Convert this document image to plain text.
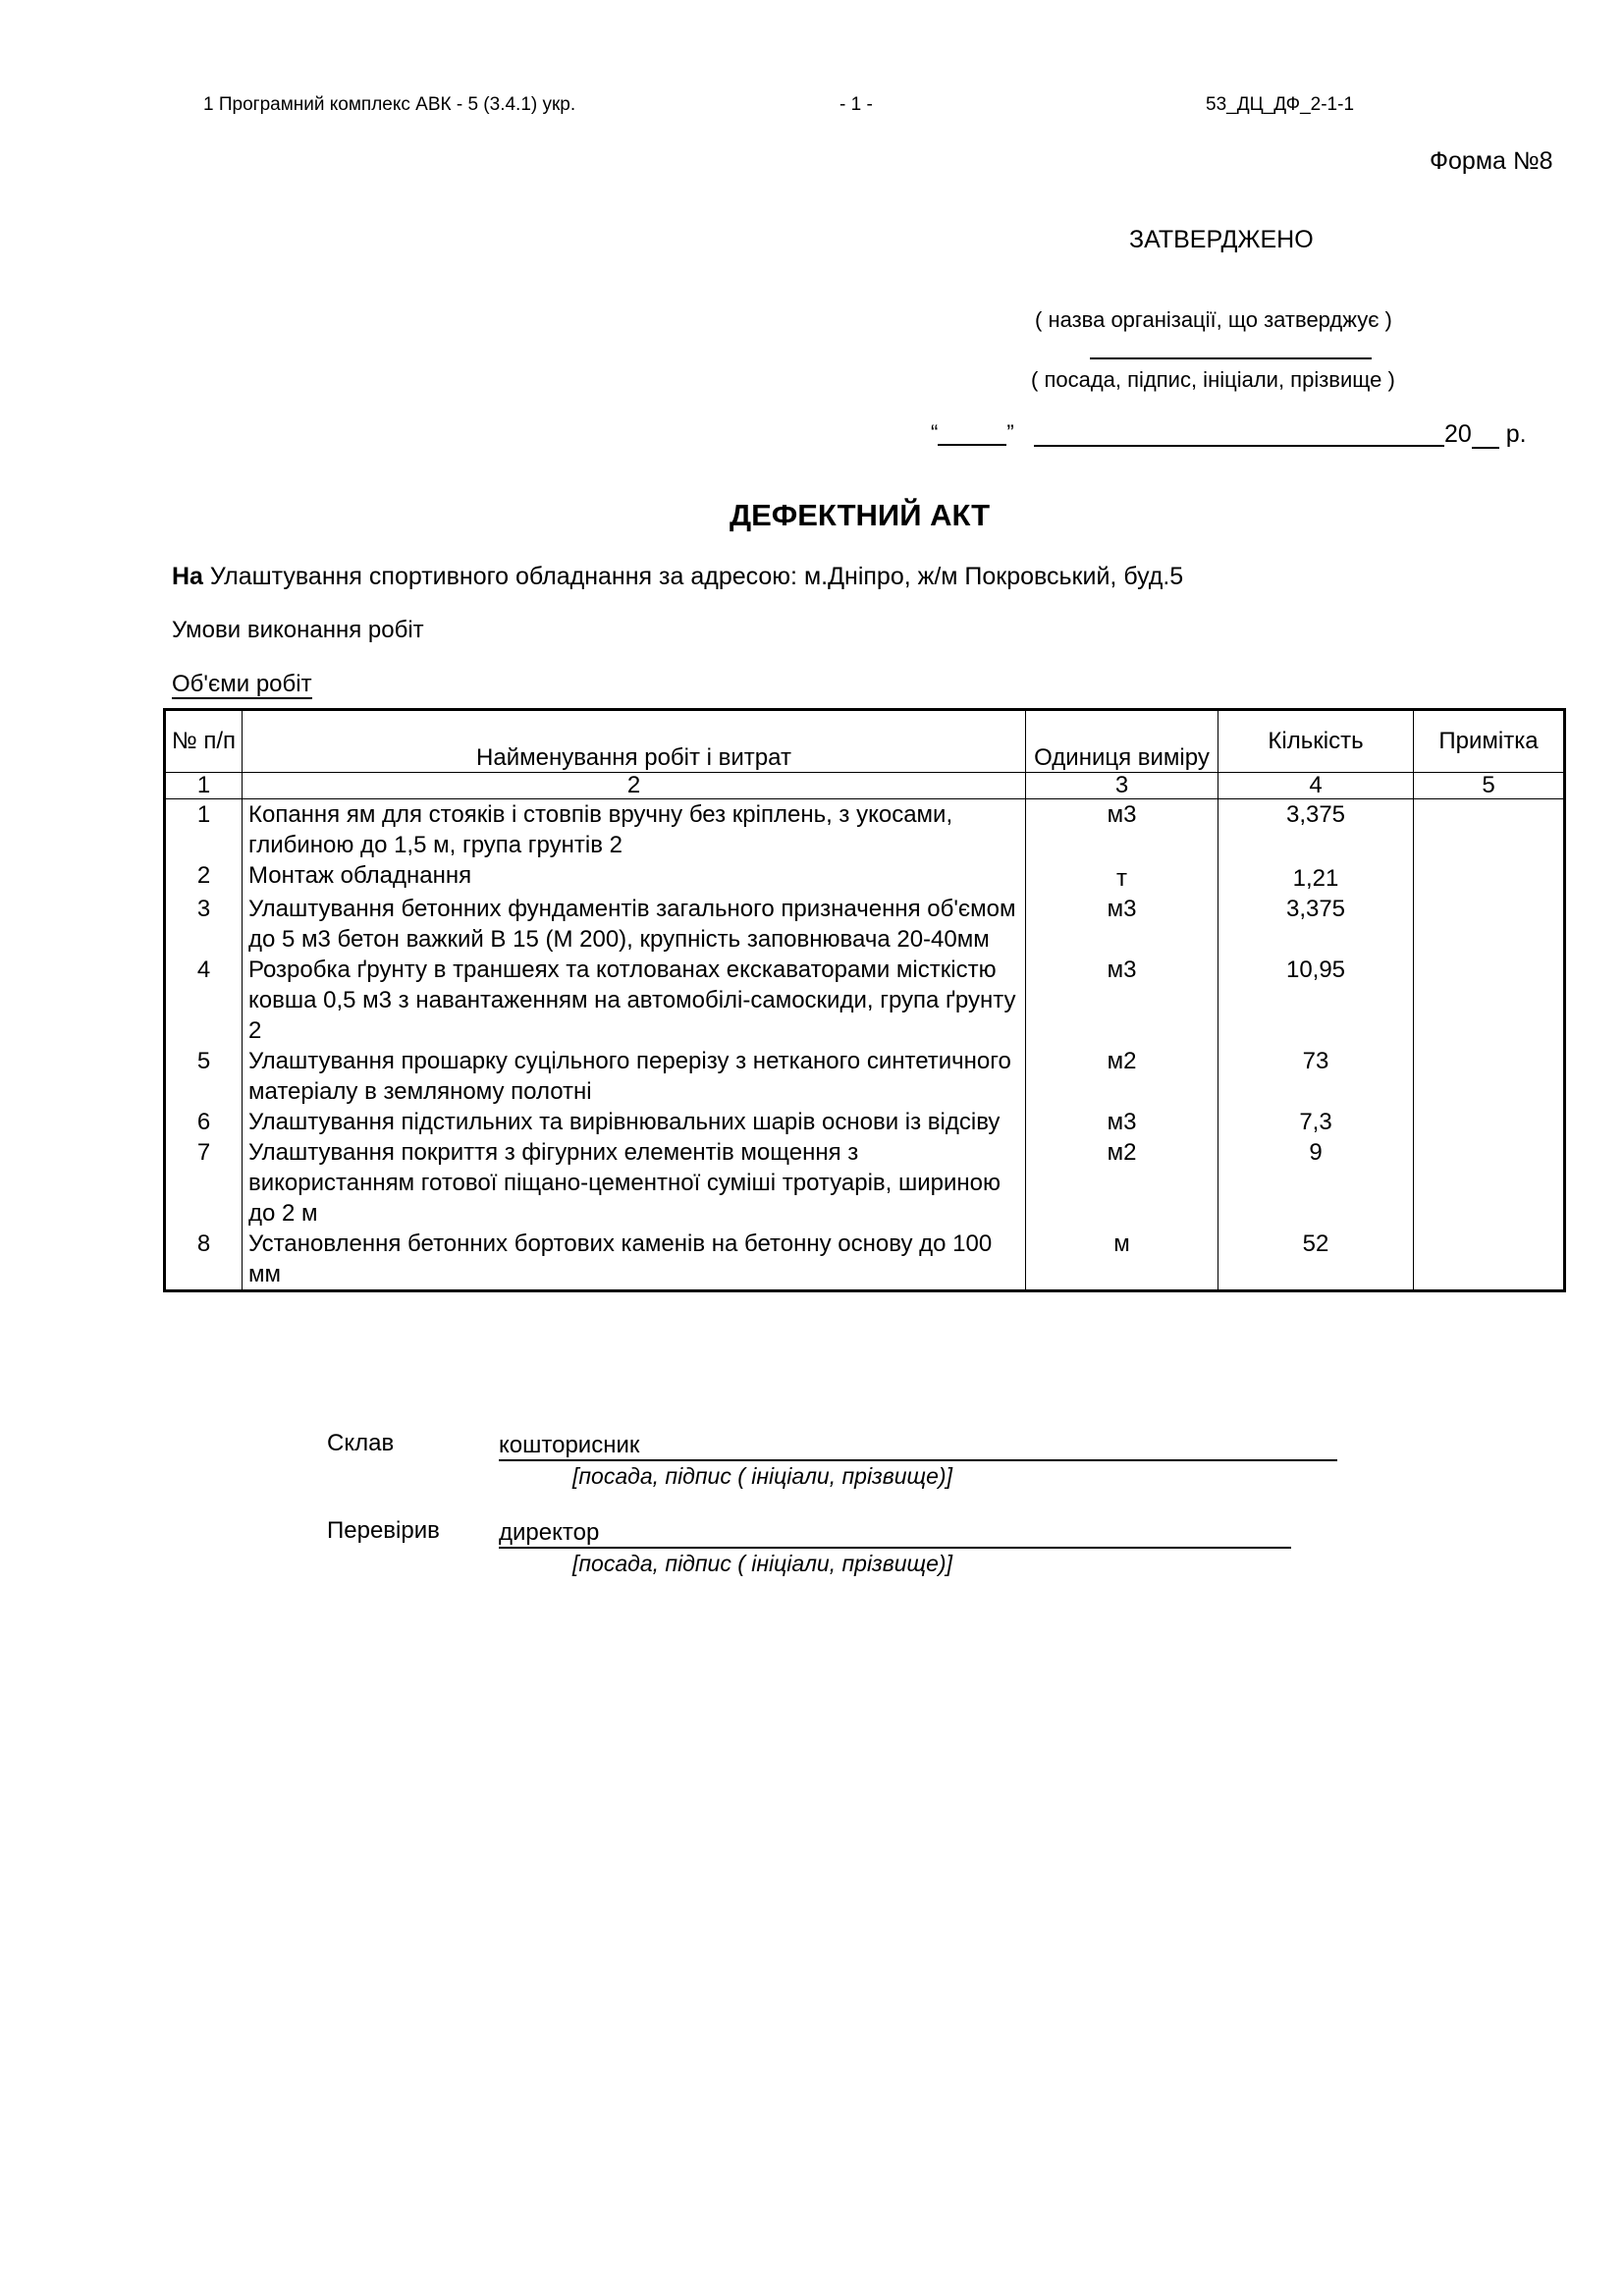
1 Програмний комплекс АВК - 5 (3.4.1) укр.	- 1 -	53_ДЦ_ДФ_2-1-1
Форма №8
ЗАТВЕРДЖЕНО
( назва організації, що затверджує )
( посада, підпис, ініціали, прізвище )
“	”	20 р.
ДЕФЕКТНИЙ АКТ
На Улаштування спортивного обладнання за адресою: м.Дніпро, ж/м Покровський, буд.5
Умови виконання робіт
Об'єми робіт
№ п/п	Найменування робіт і витрат	Одиниця виміру	Кількість	Примітка
1	2	3	4	5
1	Копання ям для стояків і стовпів вручну без кріплень, з укосами, глибиною до 1,5 м, група грунтів 2	м3	3,375	
2	Монтаж обладнання	т	1,21	
3	Улаштування бетонних фундаментів загального призначення об'ємом до 5 м3 бетон важкий В 15 (М 200), крупність заповнювача 20-40мм	м3	3,375	
4	Розробка ґрунту в траншеях та котлованах екскаваторами місткістю ковша 0,5 м3 з навантаженням на автомобілі-самоскиди, група ґрунту 2	м3	10,95	
5	Улаштування прошарку суцільного перерізу з нетканого синтетичного матеріалу в земляному полотні	м2	73	
6	Улаштування підстильних та вирівнювальних шарів основи із відсіву	м3	7,3	
7	Улаштування покриття з фігурних елементів мощення з використанням готової піщано-цементної суміші тротуарів, шириною до 2 м	м2	9	
8	Установлення бетонних бортових каменів на бетонну основу до 100 мм	м	52	
Склав	кошторисник
[посада, підпис ( ініціали, прізвище)]
Перевірив	директор
[посада, підпис ( ініціали, прізвище)]
